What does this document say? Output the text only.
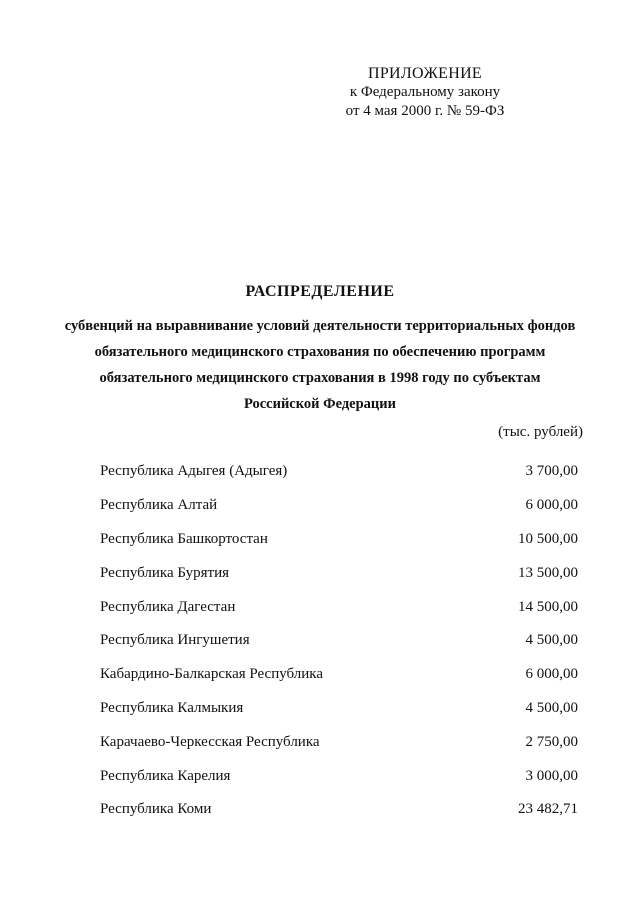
ПРИЛОЖЕНИЕ
к Федеральному закону
от 4 мая 2000 г. № 59-ФЗ
РАСПРЕДЕЛЕНИЕ
субвенций на выравнивание условий деятельности территориальных фондов
обязательного медицинского страхования по обеспечению программ
обязательного медицинского страхования в 1998 году по субъектам
Российской Федерации
(тыс. рублей)
Республика Адыгея (Адыгея)	3 700,00
Республика Алтай	6 000,00
Республика Башкортостан	10 500,00
Республика Бурятия	13 500,00
Республика Дагестан	14 500,00
Республика Ингушетия	4 500,00
Кабардино-Балкарская Республика	6 000,00
Республика Калмыкия	4 500,00
Карачаево-Черкесская Республика	2 750,00
Республика Карелия	3 000,00
Республика Коми	23 482,71
